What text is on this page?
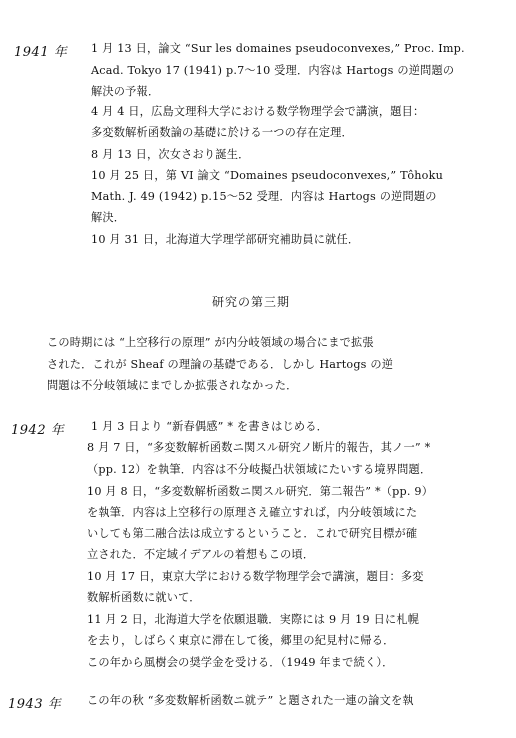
1941 年 1 月 13 日，論文 “Sur les domaines pseudoconvexes,” Proc. Imp.
Acad. Tokyo 17 (1941) p.7～10 受理．内容は Hartogs の逆問題の
解決の予報．
4 月 4 日，広島文理科大学における数学物理学会で講演，題目：
多変数解析函数論の基礎に於ける一つの存在定理．
8 月 13 日，次女さおり誕生．
10 月 25 日，第 VI 論文 “Domaines pseudoconvexes,” Tôhoku
Math. J. 49 (1942) p.15～52 受理．内容は Hartogs の逆問題の
解決．
10 月 31 日，北海道大学理学部研究補助員に就任．
研究の第三期
この時期には “上空移行の原理” が内分岐領域の場合にまで拡張
された．これが Sheaf の理論の基礎である．しかし Hartogs の逆
問題は不分岐領域にまでしか拡張されなかった．
1942 年 1 月 3 日より “新春偶感” * を書きはじめる．
8 月 7 日，“多変数解析函数ニ関スル研究ノ断片的報告，其ノ一” *
（pp. 12）を執筆．内容は不分岐擬凸状領域にたいする境界問題．
10 月 8 日，“多変数解析函数ニ関スル研究．第二報告” *（pp. 9）
を執筆．内容は上空移行の原理さえ確立すれば，内分岐領域にた
いしても第二融合法は成立するということ．これで研究目標が確
立された．不定域イデアルの着想もこの頃．
10 月 17 日，東京大学における数学物理学会で講演，題目：多変
数解析函数に就いて．
11 月 2 日，北海道大学を依願退職．実際には 9 月 19 日に札幌
を去り，しばらく東京に滞在して後，郷里の紀見村に帰る．
この年から風樹会の奨学金を受ける．（1949 年まで続く）．
1943 年 この年の秋 “多変数解析函数ニ就テ” と題された一連の論文を執
